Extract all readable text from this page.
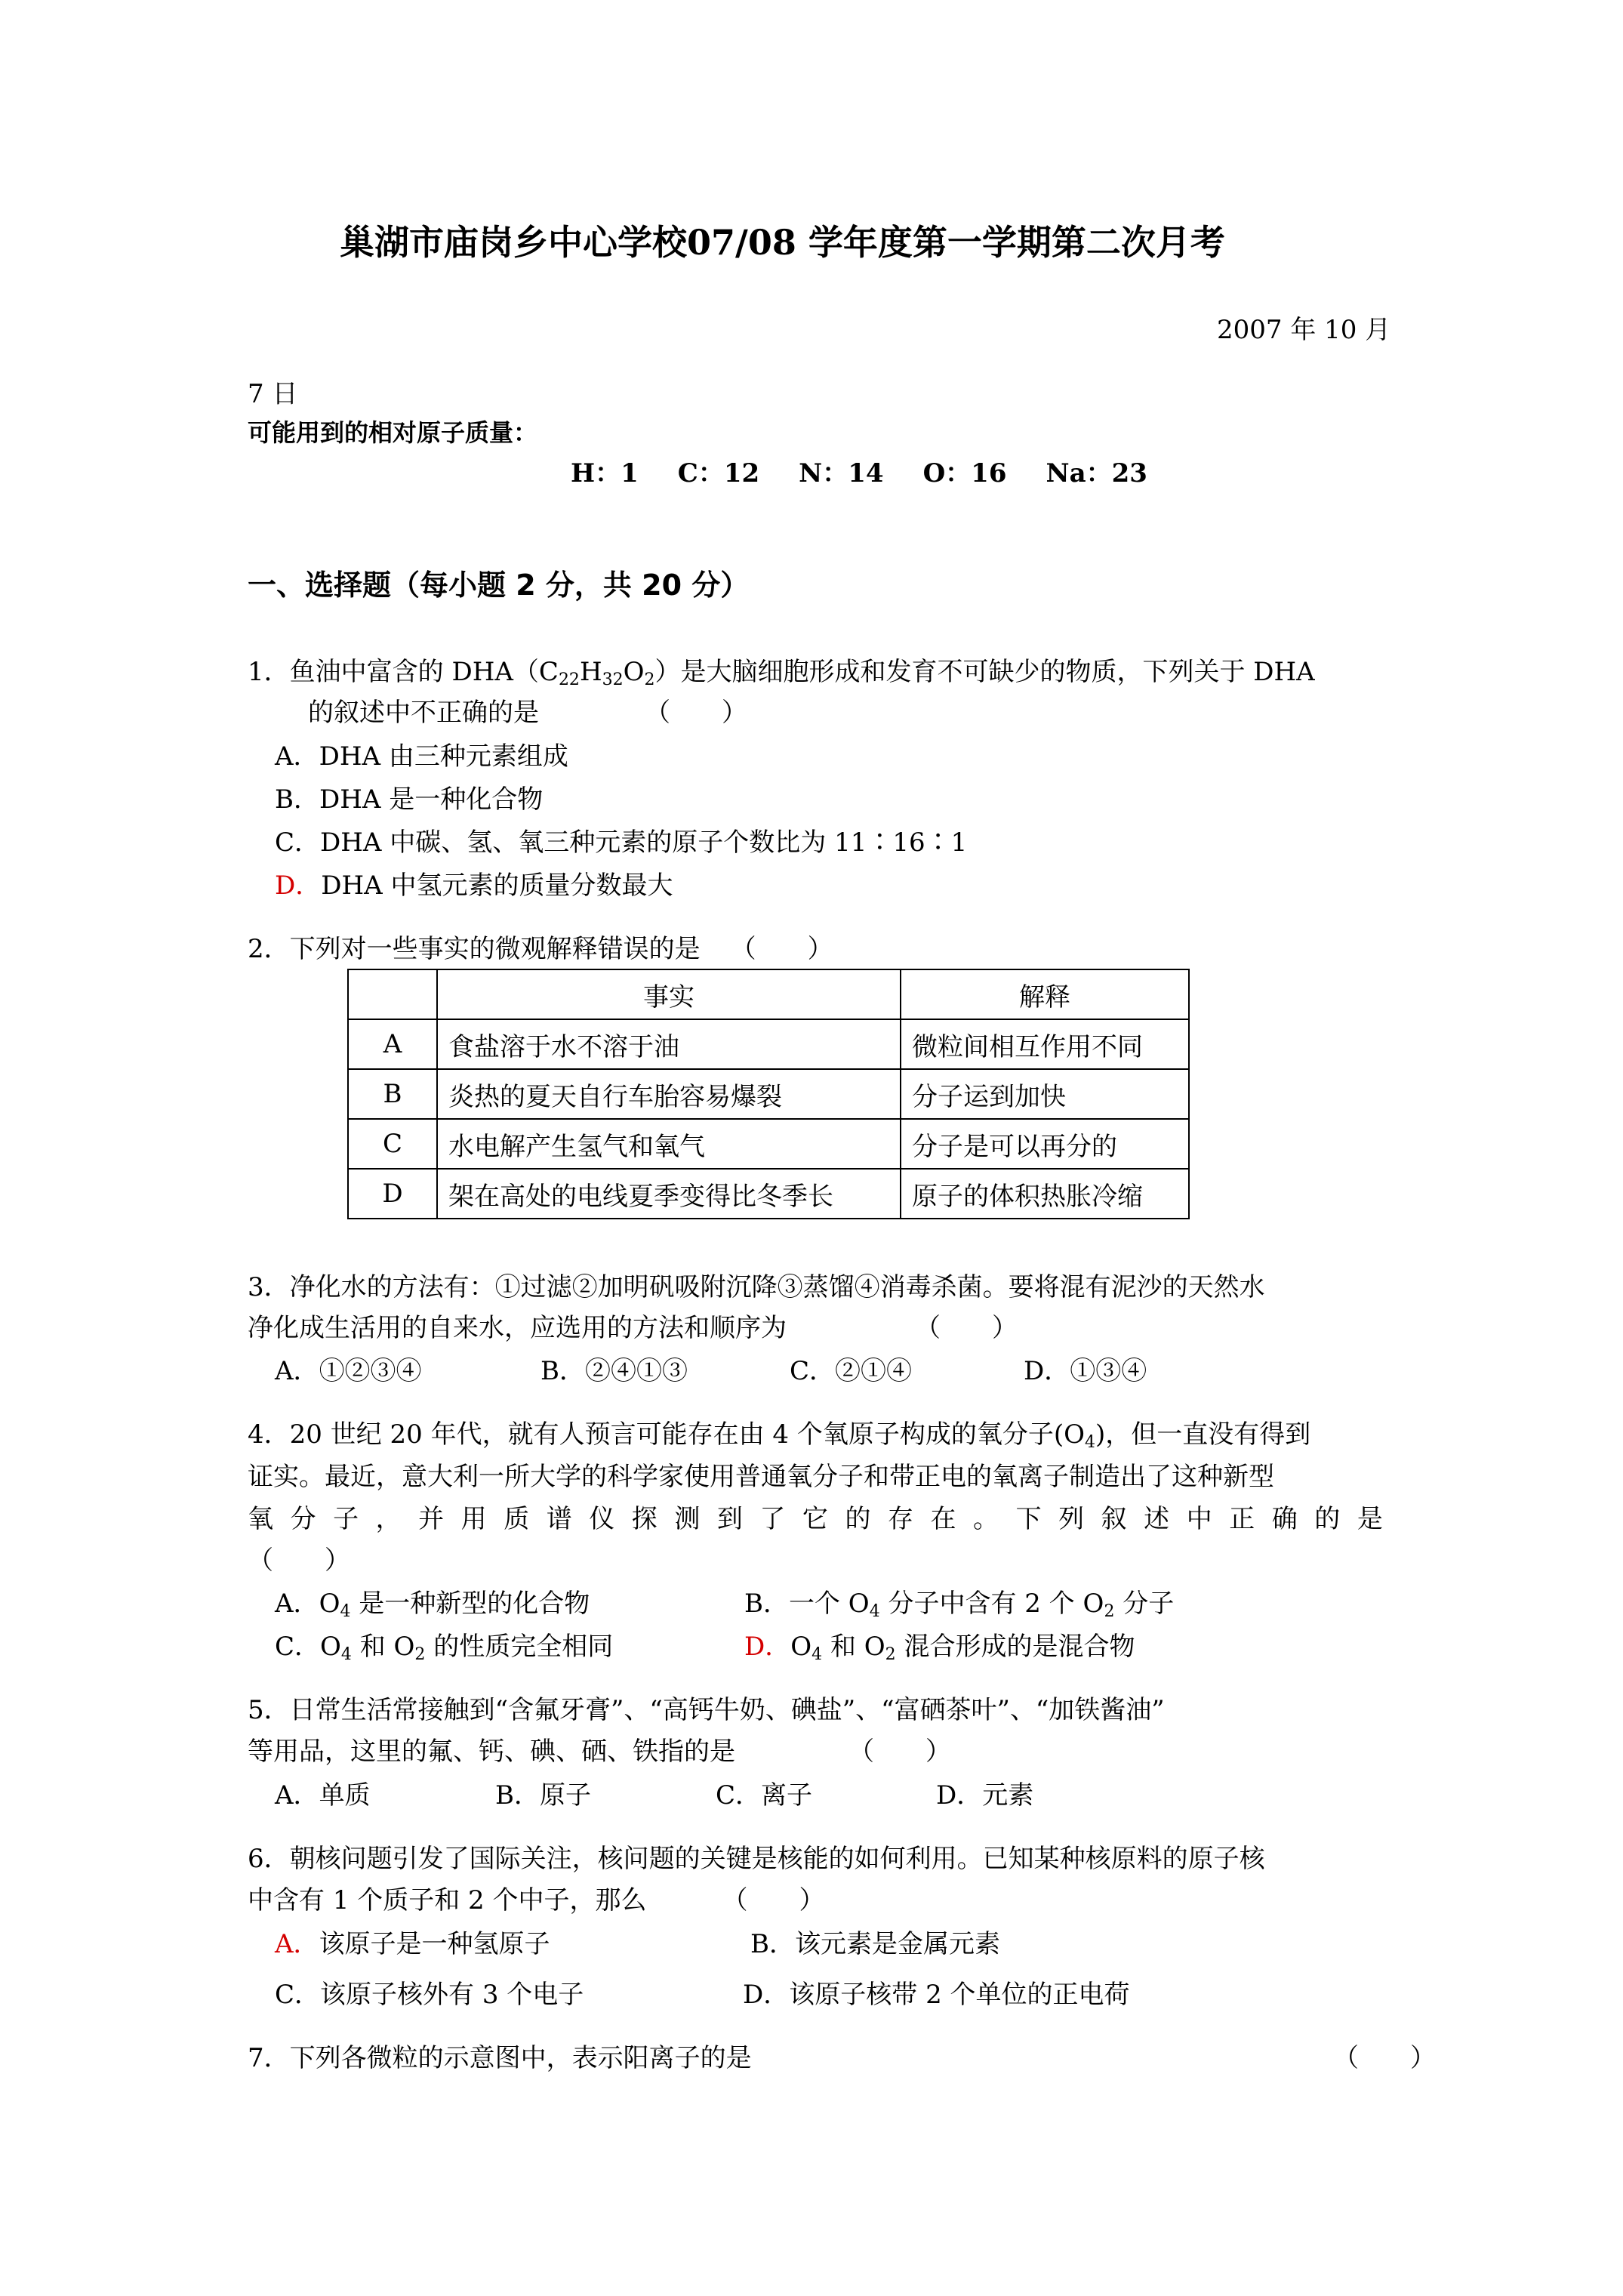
巢湖市庙岗乡中心学校07/08 学年度第一学期第二次月考
2007 年 10 月
7 日
可能用到的相对原子质量：
H：1 C：12 N：14 O：16 Na：23
一、选择题（每小题 2 分，共 20 分）
1．鱼油中富含的 $DHA(C_{22}H_{32}O_2)$是大脑细胞形成和发育不可缺少的物质，下列关于 DHA
的叙述中不正确的是	（　　）
A．DHA 由三种元素组成
B．DHA 是一种化合物
C．DHA 中碳、氢、氧三种元素的原子个数比为 11∶16∶1
D．DHA 中氢元素的质量分数最大
2．下列对一些事实的微观解释错误的是 （　　）
	事实	解释
A	食盐溶于水不溶于油	微粒间相互作用不同
B	炎热的夏天自行车胎容易爆裂	分子运到加快
C	水电解产生氢气和氧气	分子是可以再分的
D	架在高处的电线夏季变得比冬季长	原子的体积热胀冷缩
3．净化水的方法有：①过滤②加明矾吸附沉降③蒸馏④消毒杀菌。要将混有泥沙的天然水
净化成生活用的自来水，应选用的方法和顺序为	（　　）
A．①②③④	B．②④①③	C．②①④	D．①③④
4．20 世纪 20 年代，就有人预言可能存在由 4 个氧原子构成的氧分子$(O_4)$，但一直没有得到
证实。最近，意大利一所大学的科学家使用普通氧分子和带正电的氧离子制造出了这种新型
氧 分 子 ， 并 用 质 谱 仪 探 测 到 了 它 的 存 在 。 下 列 叙 述 中 正 确 的 是
（　　）
A．$O_4$ 是一种新型的化合物	B．一个 $O_4$ 分子中含有 2 个 $O_2$ 分子
C．$O_4$ 和 $O_2$ 的性质完全相同	D．$O_4$ 和 $O_2$ 混合形成的是混合物
5．日常生活常接触到“含氟牙膏”、“高钙牛奶、碘盐”、“富硒茶叶”、“加铁酱油”
等用品，这里的氟、钙、碘、硒、铁指的是	（　　）
A．单质	B．原子	C．离子	D．元素
6．朝核问题引发了国际关注，核问题的关键是核能的如何利用。已知某种核原料的原子核
中含有 1 个质子和 2 个中子，那么	（　　）
A．该原子是一种氢原子	B．该元素是金属元素
C．该原子核外有 3 个电子	D．该原子核带 2 个单位的正电荷
7．下列各微粒的示意图中，表示阳离子的是	（　　）
